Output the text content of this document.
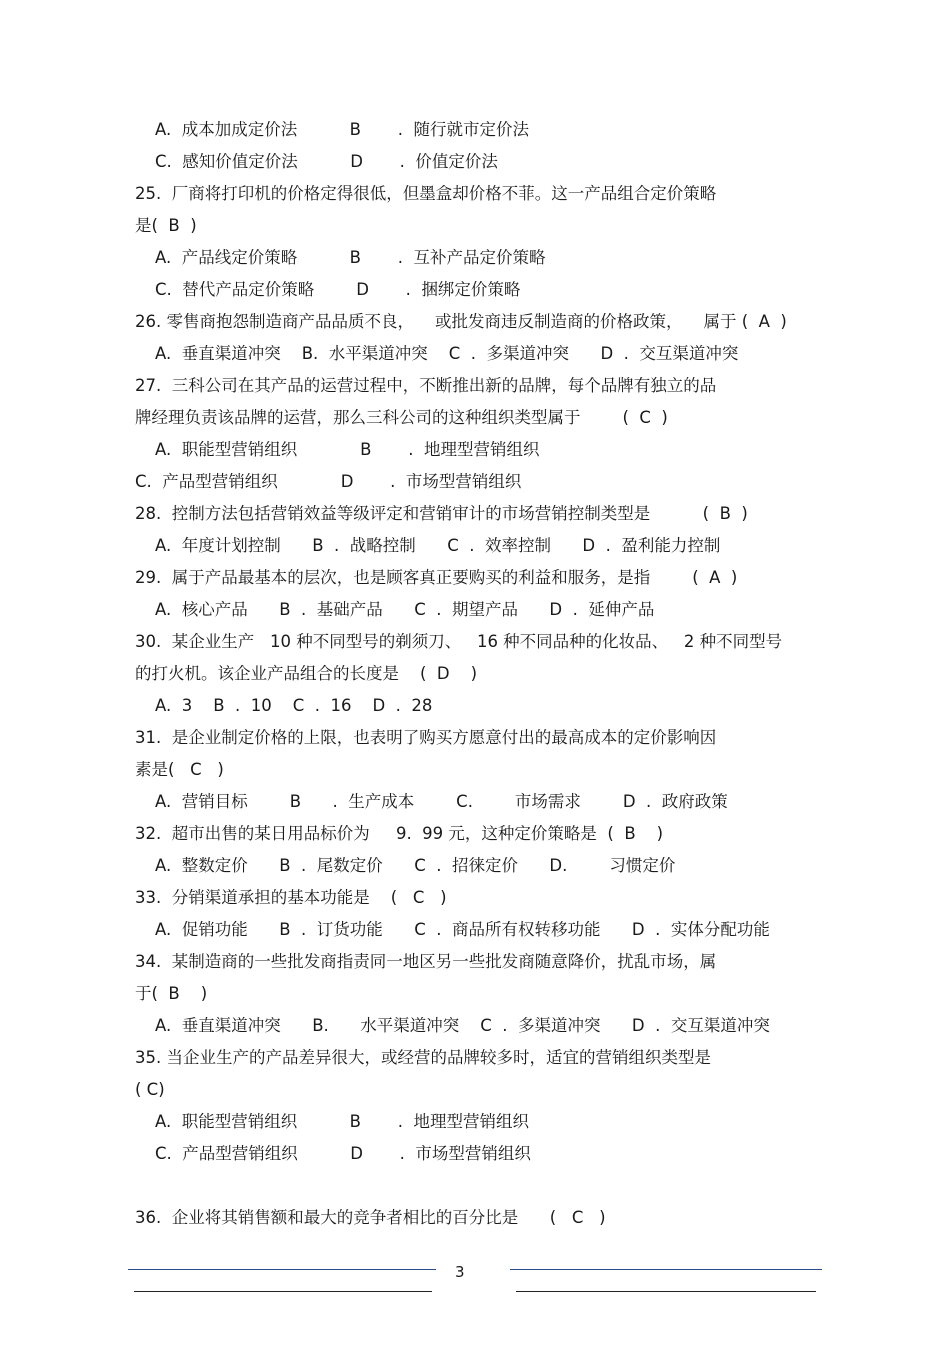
A.  成本加成定价法          B       .  随行就市定价法
C.  感知价值定价法          D       .  价值定价法
25.  厂商将打印机的价格定得很低，但墨盒却价格不菲。这一产品组合定价策略
是(  B  )
A.  产品线定价策略          B       .  互补产品定价策略
C.  替代产品定价策略        D       .  捆绑定价策略
26. 零售商抱怨制造商产品品质不良，    或批发商违反制造商的价格政策，    属于 (  A  )
A.  垂直渠道冲突    B.  水平渠道冲突    C  .  多渠道冲突      D  .  交互渠道冲突
27.  三科公司在其产品的运营过程中，不断推出新的品牌，每个品牌有独立的品
牌经理负责该品牌的运营，那么三科公司的这种组织类型属于        (  C  )
A.  职能型营销组织            B       .  地理型营销组织
C.  产品型营销组织            D       .  市场型营销组织
28.  控制方法包括营销效益等级评定和营销审计的市场营销控制类型是          (  B  )
A.  年度计划控制      B  .  战略控制      C  .  效率控制      D  .  盈利能力控制
29.  属于产品最基本的层次，也是顾客真正要购买的利益和服务，是指        (  A  )
A.  核心产品      B  .  基础产品      C  .  期望产品      D  .  延伸产品
30.  某企业生产   10 种不同型号的剃须刀、   16 种不同品种的化妆品、   2 种不同型号
的打火机。该企业产品组合的长度是    (  D    )
A.  3    B  .  10    C  .  16    D  .  28
31.  是企业制定价格的上限，也表明了购买方愿意付出的最高成本的定价影响因
素是(   C   )
A.  营销目标        B      .  生产成本        C.        市场需求        D  .  政府政策
32.  超市出售的某日用品标价为     9.  99 元，这种定价策略是  (  B    )
A.  整数定价      B  .  尾数定价      C  .  招徕定价      D.        习惯定价
33.  分销渠道承担的基本功能是    (   C   )
A.  促销功能      B  .  订货功能      C  .  商品所有权转移功能      D  .  实体分配功能
34.  某制造商的一些批发商指责同一地区另一些批发商随意降价，扰乱市场，属
于(  B    )
A.  垂直渠道冲突      B.      水平渠道冲突    C  .  多渠道冲突      D  .  交互渠道冲突
35. 当企业生产的产品差异很大，或经营的品牌较多时，适宜的营销组织类型是
( C)
A.  职能型营销组织          B       .  地理型营销组织
C.  产品型营销组织          D       .  市场型营销组织
36.  企业将其销售额和最大的竞争者相比的百分比是      (   C   )
3
